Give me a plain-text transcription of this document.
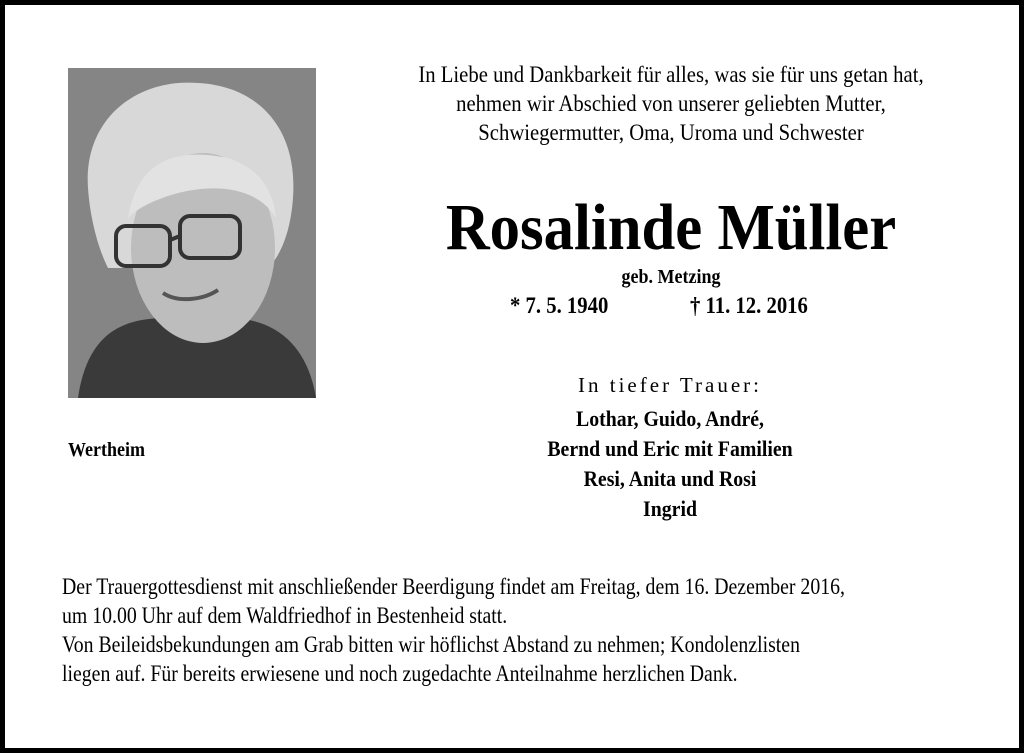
In Liebe und Dankbarkeit für alles, was sie für uns getan hat,
nehmen wir Abschied von unserer geliebten Mutter,
Schwiegermutter, Oma, Uroma und Schwester
Rosalinde Müller
geb. Metzing
* 7. 5. 1940	† 11. 12. 2016
In tiefer Trauer:
Lothar, Guido, André,
Bernd und Eric mit Familien
Resi, Anita und Rosi
Ingrid
Wertheim
Der Trauergottesdienst mit anschließender Beerdigung findet am Freitag, dem 16. Dezember 2016,
um 10.00 Uhr auf dem Waldfriedhof in Bestenheid statt.
Von Beileidsbekundungen am Grab bitten wir höflichst Abstand zu nehmen; Kondolenzlisten
liegen auf. Für bereits erwiesene und noch zugedachte Anteilnahme herzlichen Dank.
